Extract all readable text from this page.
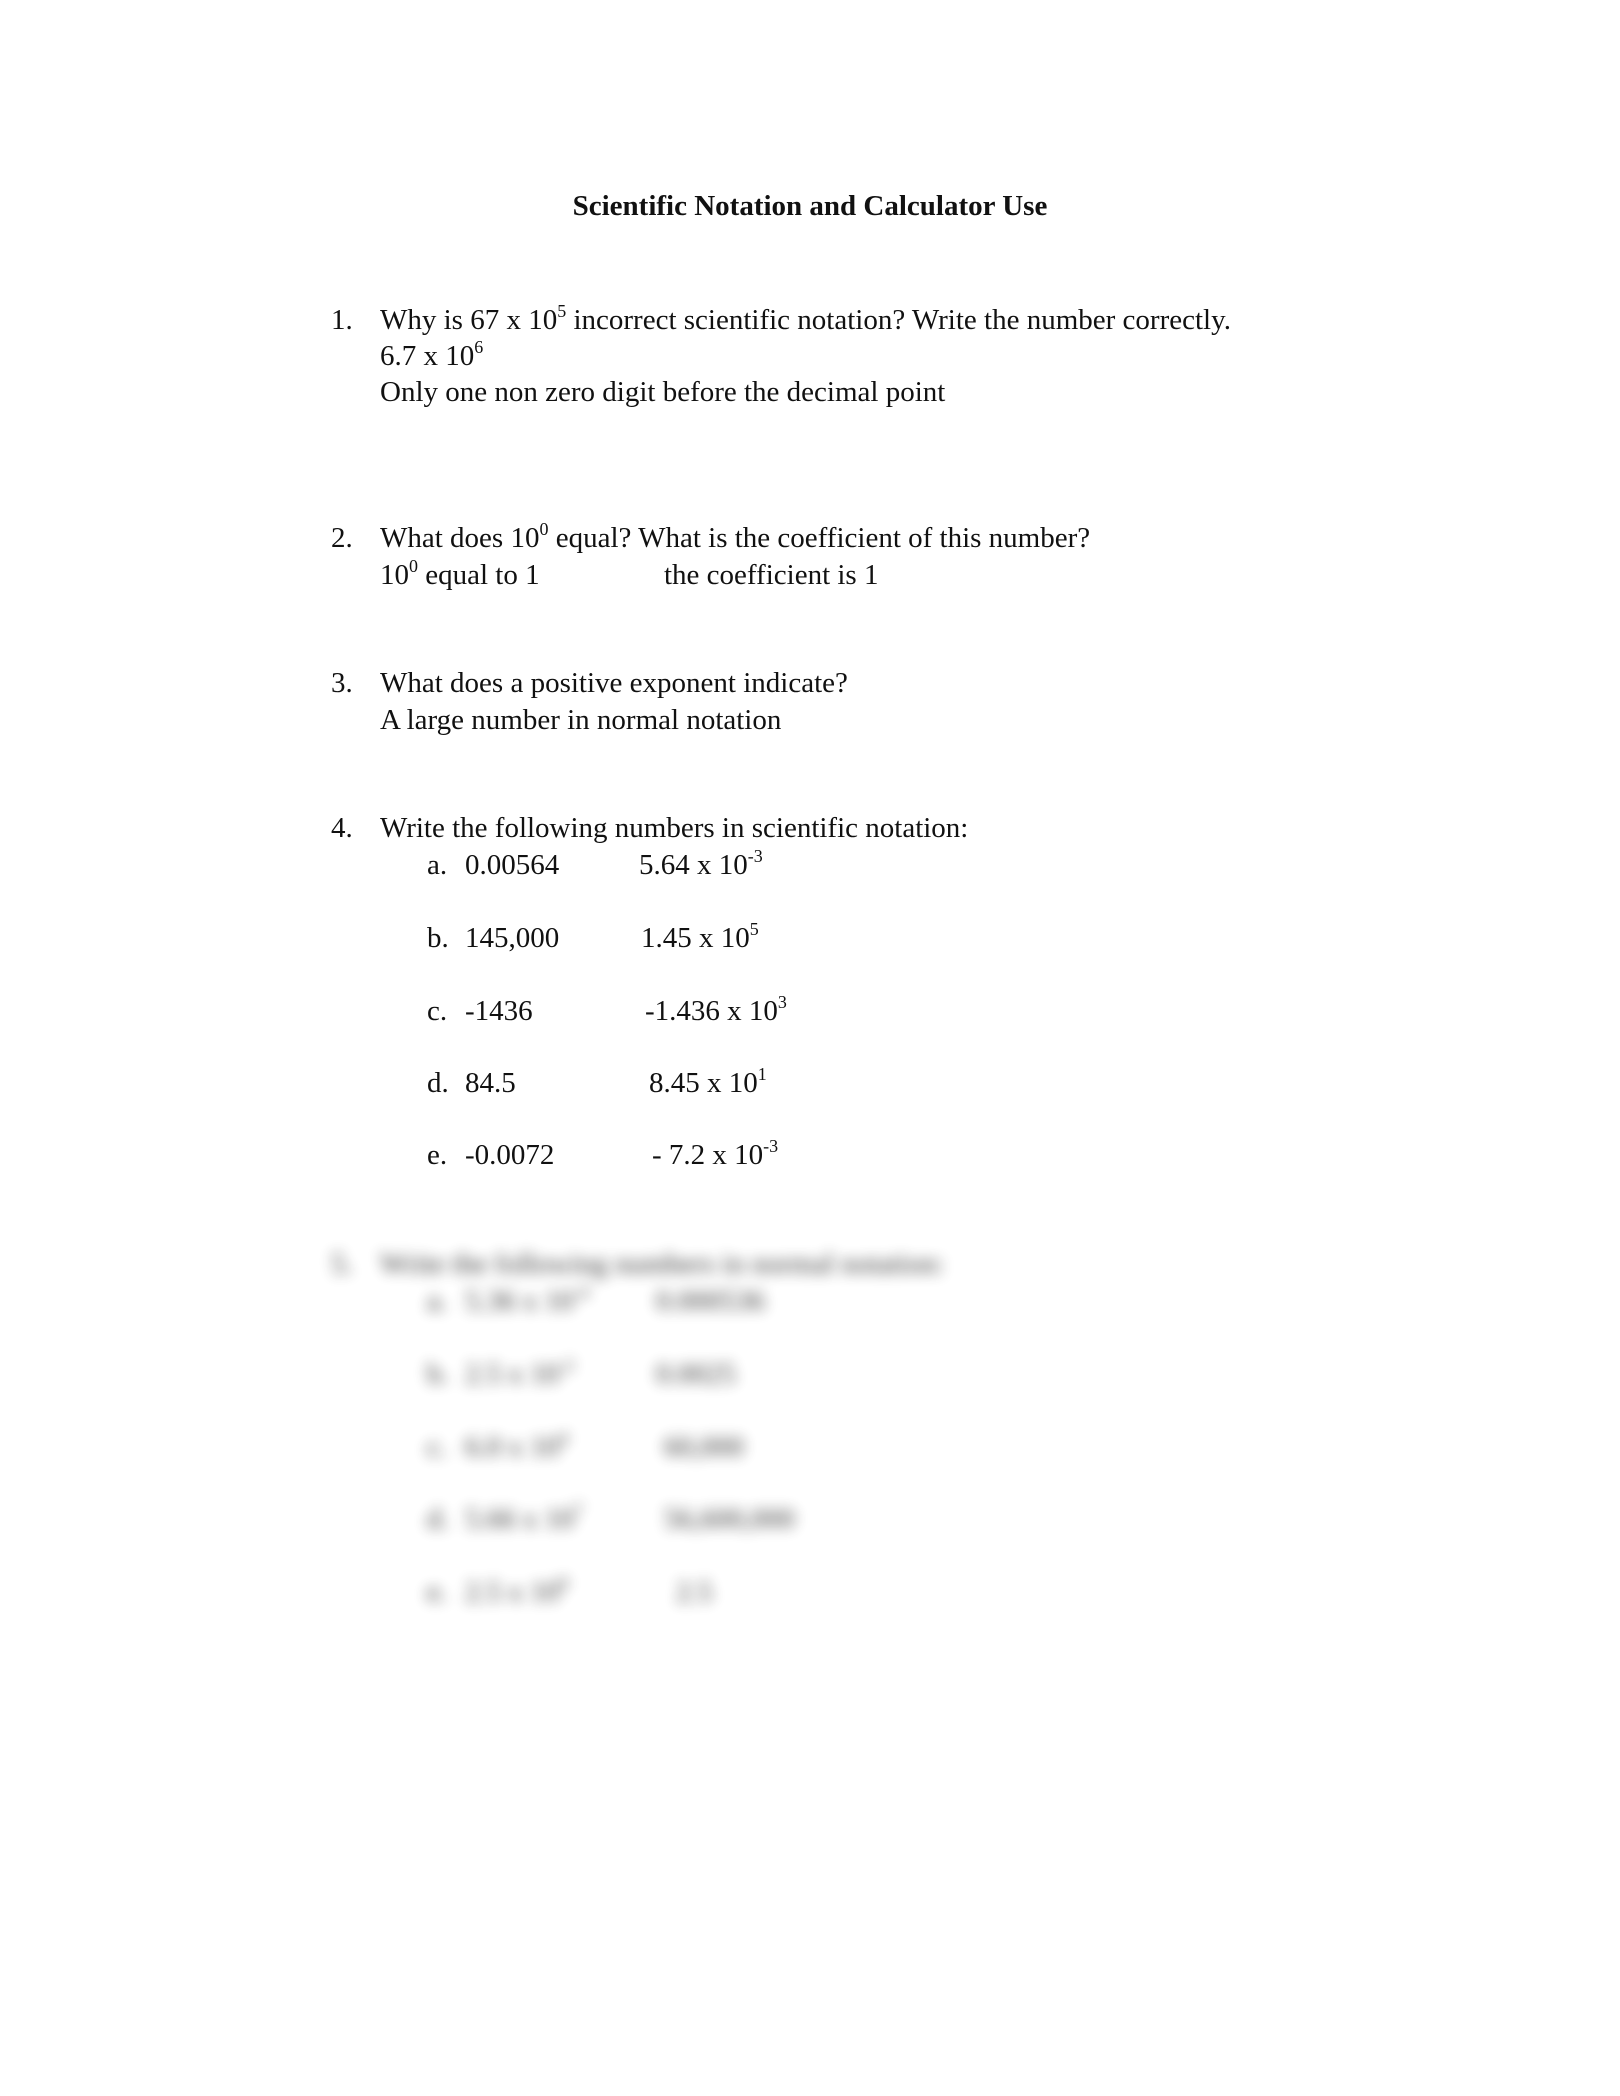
Scientific Notation and Calculator Use
1. Why is 67 x $10^5$ incorrect scientific notation? Write the number correctly.
6.7 x $10^6$
Only one non zero digit before the decimal point
2. What does $10^0$ equal? What is the coefficient of this number?
$10^0$ equal to 1	the coefficient is 1
3. What does a positive exponent indicate?
A large number in normal notation
4. Write the following numbers in scientific notation:
a. 0.00564	5.64 x $10^{-3}$
b. 145,000	1.45 x $10^5$
c. -1436	-1.436 x $10^3$
d. 84.5	8.45 x $10^1$
e. -0.0072	- 7.2 x $10^{-3}$
5. Write the following numbers in normal notation:
a. 5.36 x $10^{-4}$ 0.000536
b. 2.5 x $10^{-2}$	0.0025
c. 6.0 x $10^4$	60,000
d. 5.66 x $10^7$	56,600,000
e. 2.5 x $10^0$	2.5
